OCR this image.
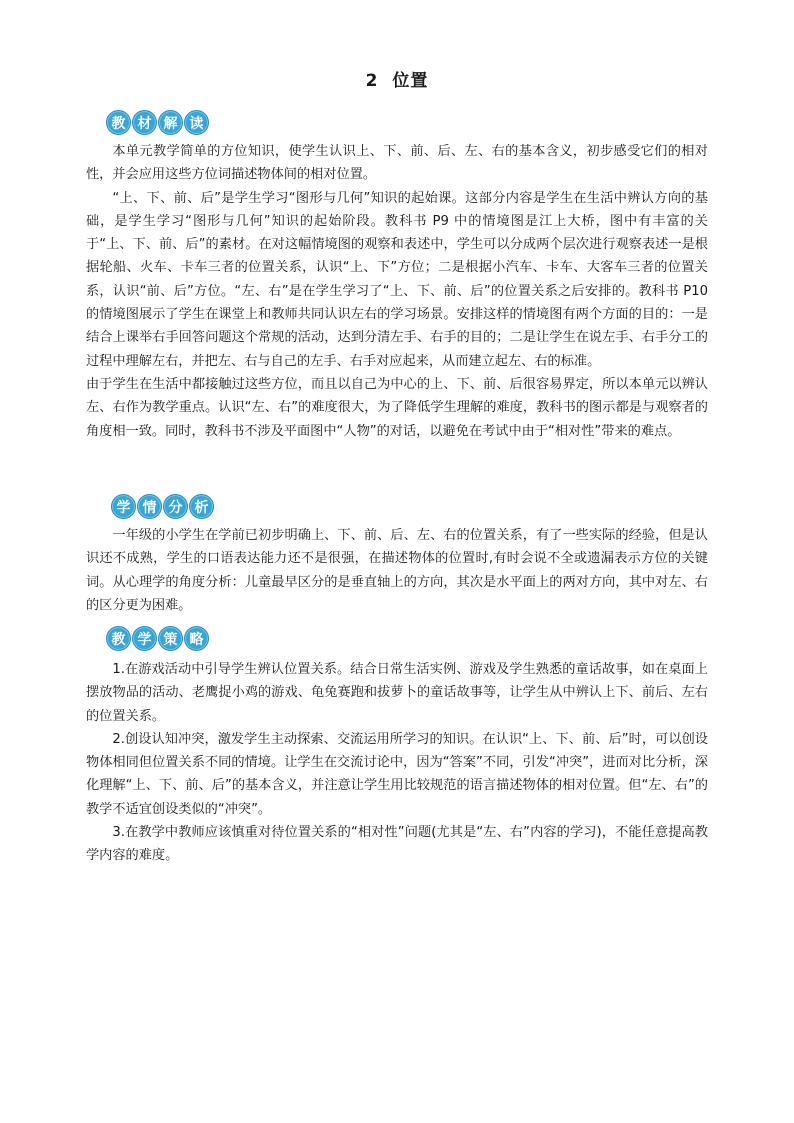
2 位置
教 材 解 读

本单元教学简单的方位知识，使学生认识上、下、前、后、左、右的基本含义，初步感受它们的相对性，并会应用这些方位词描述物体间的相对位置。

“上、下、前、后”是学生学习“图形与几何”知识的起始课。这部分内容是学生在生活中辨认方向的基础，是学生学习“图形与几何”知识的起始阶段。教科书 P9 中的情境图是江上大桥，图中有丰富的关于“上、下、前、后”的素材。在对这幅情境图的观察和表述中，学生可以分成两个层次进行观察表述一是根据轮船、火车、卡车三者的位置关系，认识“上、下”方位；二是根据小汽车、卡车、大客车三者的位置关系，认识“前、后”方位。“左、右”是在学生学习了“上、下、前、后”的位置关系之后安排的。教科书 P10 的情境图展示了学生在课堂上和教师共同认识左右的学习场景。安排这样的情境图有两个方面的目的：一是结合上课举右手回答问题这个常规的活动，达到分清左手、右手的目的；二是让学生在说左手、右手分工的过程中理解左右，并把左、右与自己的左手、右手对应起来，从而建立起左、右的标准。

由于学生在生活中都接触过这些方位，而且以自己为中心的上、下、前、后很容易界定，所以本单元以辨认左、右作为教学重点。认识“左、右”的难度很大，为了降低学生理解的难度，教科书的图示都是与观察者的角度相一致。同时，教科书不涉及平面图中“人物”的对话，以避免在考试中由于“相对性”带来的难点。

学 情 分 析

一年级的小学生在学前已初步明确上、下、前、后、左、右的位置关系，有了一些实际的经验，但是认识还不成熟，学生的口语表达能力还不是很强，在描述物体的位置时,有时会说不全或遗漏表示方位的关键词。从心理学的角度分析：儿童最早区分的是垂直轴上的方向，其次是水平面上的两对方向，其中对左、右的区分更为困难。

教 学 策 略

1.在游戏活动中引导学生辨认位置关系。结合日常生活实例、游戏及学生熟悉的童话故事，如在桌面上摆放物品的活动、老鹰捉小鸡的游戏、龟兔赛跑和拔萝卜的童话故事等，让学生从中辨认上下、前后、左右的位置关系。

2.创设认知冲突，激发学生主动探索、交流运用所学习的知识。在认识“上、下、前、后”时，可以创设物体相同但位置关系不同的情境。让学生在交流讨论中，因为“答案”不同，引发“冲突”，进而对比分析，深化理解“上、下、前、后”的基本含义，并注意让学生用比较规范的语言描述物体的相对位置。但“左、右”的教学不适宜创设类似的“冲突”。

3.在教学中教师应该慎重对待位置关系的“相对性”问题(尤其是“左、右”内容的学习)，不能任意提高教学内容的难度。
